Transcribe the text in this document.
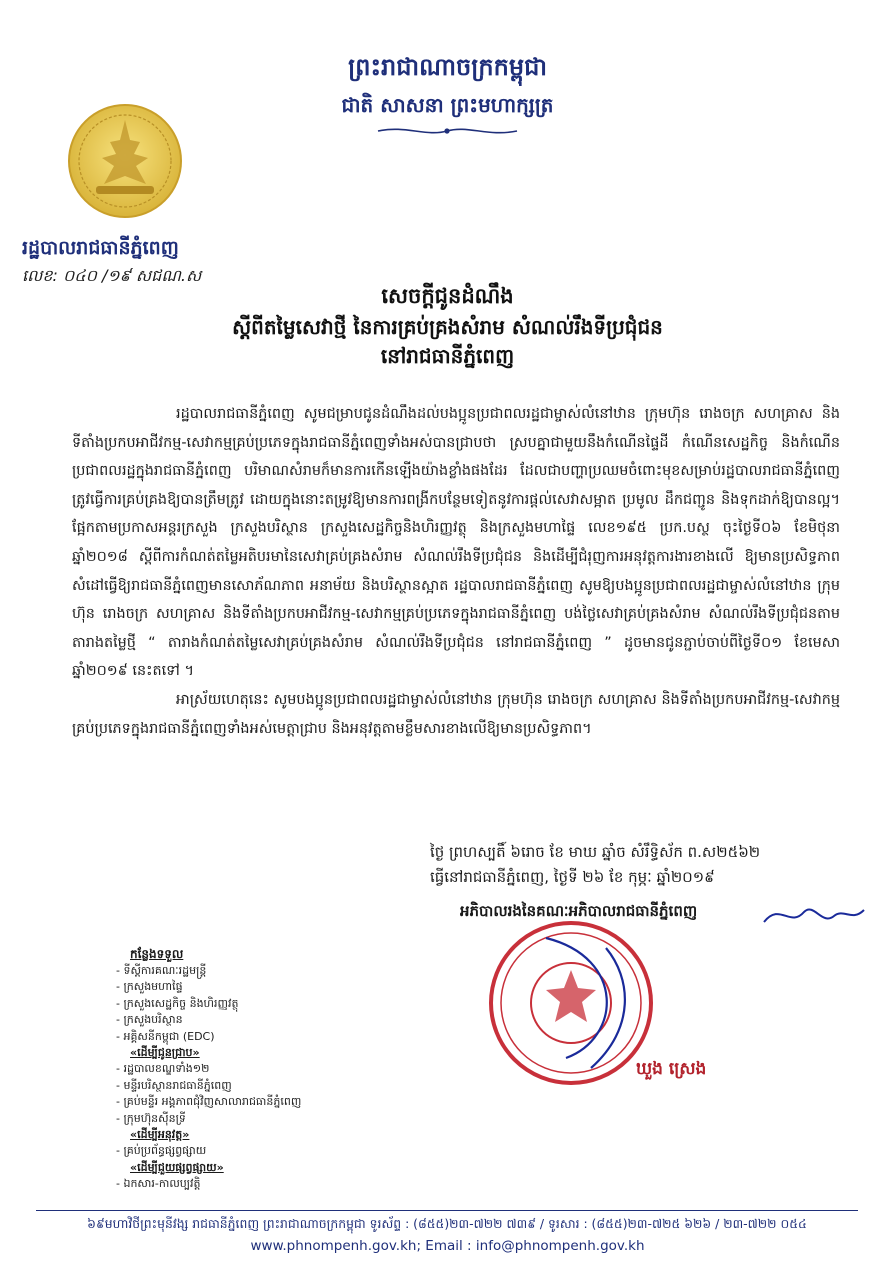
ព្រះរាជាណាចក្រកម្ពុជា
ជាតិ សាសនា ព្រះមហាក្សត្រ
រដ្ឋបាលរាជធានីភ្នំពេញ
លេខ: ០៤០ /១៩ សជណ.ស
សេចក្តីជូនដំណឹង
ស្តីពីតម្លៃសេវាថ្មី នៃការគ្រប់គ្រងសំរាម សំណល់រឹងទីប្រជុំជន
នៅរាជធានីភ្នំពេញ

រដ្ឋបាលរាជធានីភ្នំពេញ សូមជម្រាបជូនដំណឹងដល់បងប្អូនប្រជាពលរដ្ឋជាម្ចាស់លំនៅឋាន ក្រុមហ៊ុន រោងចក្រ សហគ្រាស និងទីតាំងប្រកបអាជីវកម្ម-សេវាកម្មគ្រប់ប្រភេទក្នុងរាជធានីភ្នំពេញទាំងអស់បានជ្រាបថា ស្របគ្នាជាមួយនឹងកំណើនផ្ទៃដី កំណើនសេដ្ឋកិច្ច និងកំណើនប្រជាពលរដ្ឋក្នុងរាជធានីភ្នំពេញ បរិមាណសំរាមក៏មានការកើនឡើងយ៉ាងខ្លាំងផងដែរ ដែលជាបញ្ហាប្រឈមចំពោះមុខសម្រាប់រដ្ឋបាលរាជធានីភ្នំពេញត្រូវធ្វើការគ្រប់គ្រងឱ្យបានត្រឹមត្រូវ ដោយក្នុងនោះតម្រូវឱ្យមានការពង្រីកបន្ថែមទៀតនូវការផ្តល់សេវាសម្អាត ប្រមូល ដឹកជញ្ជូន និងទុកដាក់ឱ្យបានល្អ។ ផ្អែកតាមប្រកាសអន្តរក្រសួង ក្រសួងបរិស្ថាន ក្រសួងសេដ្ឋកិច្ចនិងហិរញ្ញវត្ថុ និងក្រសួងមហាផ្ទៃ លេខ១៩៥ ប្រក.បស្ថ ចុះថ្ងៃទី០៦ ខែមិថុនា ឆ្នាំ២០១៨ ស្តីពីការកំណត់តម្លៃអតិបរមានៃសេវាគ្រប់គ្រងសំរាម សំណល់រឹងទីប្រជុំជន និងដើម្បីជំរុញការអនុវត្តការងារខាងលើ ឱ្យមានប្រសិទ្ធភាព សំដៅធ្វើឱ្យរាជធានីភ្នំពេញមានសោភ័ណភាព អនាម័យ និងបរិស្ថានស្អាត រដ្ឋបាលរាជធានីភ្នំពេញ សូមឱ្យបងប្អូនប្រជាពលរដ្ឋជាម្ចាស់លំនៅឋាន ក្រុមហ៊ុន រោងចក្រ សហគ្រាស និងទីតាំងប្រកបអាជីវកម្ម-សេវាកម្មគ្រប់ប្រភេទក្នុងរាជធានីភ្នំពេញ បង់ថ្លៃសេវាគ្រប់គ្រងសំរាម សំណល់រឹងទីប្រជុំជនតាមតារាងតម្លៃថ្មី “ តារាងកំណត់តម្លៃសេវាគ្រប់គ្រងសំរាម សំណល់រឹងទីប្រជុំជន នៅរាជធានីភ្នំពេញ ” ដូចមានជូនភ្ជាប់ចាប់ពីថ្ងៃទី០១ ខែមេសា ឆ្នាំ២០១៩ នេះតទៅ ។

អាស្រ័យហេតុនេះ សូមបងប្អូនប្រជាពលរដ្ឋជាម្ចាស់លំនៅឋាន ក្រុមហ៊ុន រោងចក្រ សហគ្រាស និងទីតាំងប្រកបអាជីវកម្ម-សេវាកម្មគ្រប់ប្រភេទក្នុងរាជធានីភ្នំពេញទាំងអស់មេត្តាជ្រាប និងអនុវត្តតាមខ្លឹមសារខាងលើឱ្យមានប្រសិទ្ធភាព។

ថ្ងៃ ព្រហស្បតិ៍ ៦រោច ខែ មាឃ ឆ្នាំច សំរឹទ្ធិស័ក ព.ស២៥៦២
ធ្វើនៅរាជធានីភ្នំពេញ, ថ្ងៃទី ២៦ ខែ កុម្ភៈ ឆ្នាំ២០១៩
អភិបាលរងនៃគណៈអភិបាលរាជធានីភ្នំពេញ
ឃួង ស្រេង
កន្លែងទទួល
- ទីស្តីការគណៈរដ្ឋមន្ត្រី
- ក្រសួងមហាផ្ទៃ
- ក្រសួងសេដ្ឋកិច្ច និងហិរញ្ញវត្ថុ
- ក្រសួងបរិស្ថាន
- អគ្គិសនីកម្ពុជា (EDC)
«ដើម្បីជូនជ្រាប»
- រដ្ឋបាលខណ្ឌទាំង១២
- មន្ទីរបរិស្ថានរាជធានីភ្នំពេញ
- គ្រប់មន្ទីរ អង្គភាពជុំវិញសាលារាជធានីភ្នំពេញ
- ក្រុមហ៊ុនស៊ីនទ្រី
«ដើម្បីអនុវត្ត»
- គ្រប់ប្រព័ន្ធផ្សព្វផ្សាយ
«ដើម្បីជួយផ្សព្វផ្សាយ»
- ឯកសារ-កាលប្បវត្តិ
៦៩មហាវិថីព្រះមុនីវង្ស រាជធានីភ្នំពេញ ព្រះរាជាណាចក្រកម្ពុជា ទូរស័ព្ទ : (៨៥៥)២៣-៧២២ ៧៣៩ / ទូរសារ : (៨៥៥)២៣-៧២៥ ៦២៦ / ២៣-៧២២ ០៥៤
www.phnompenh.gov.kh; Email : info@phnompenh.gov.kh
